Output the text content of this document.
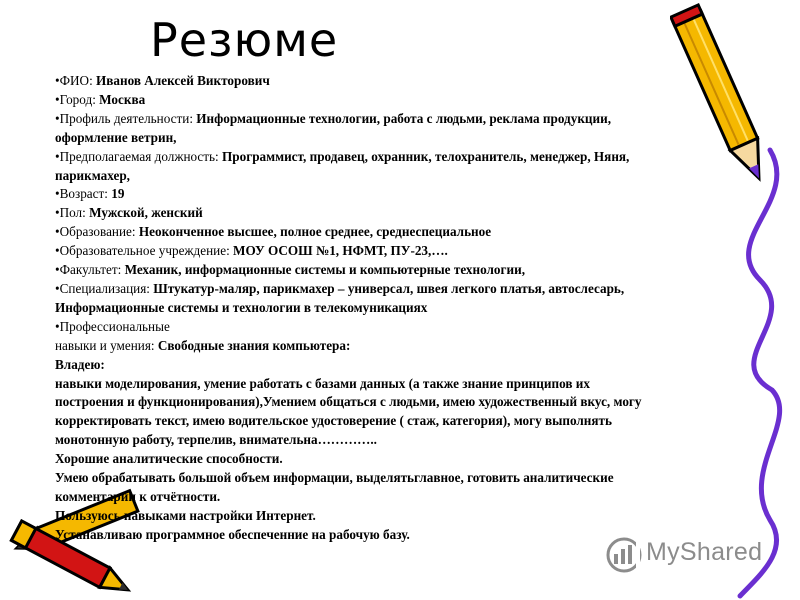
Резюме
•ФИО: Иванов Алексей Викторович
•Город: Москва
•Профиль деятельности: Информационные технологии, работа с людьми, реклама продукции,
оформление ветрин,
•Предполагаемая должность: Программист, продавец, охранник, телохранитель, менеджер, Няня,
парикмахер,
•Возраст: 19
•Пол: Мужской, женский
•Образование: Неоконченное высшее, полное среднее, среднеспециальное
•Образовательное учреждение: МОУ ОСОШ №1, НФМТ, ПУ-23,….
•Факультет: Механик, информационные системы и компьютерные технологии,
•Специализация: Штукатур-маляр, парикмахер – универсал, швея легкого платья, автослесарь,
Информационные системы и технологии в телекомуникациях
•Профессиональные
навыки и умения: Свободные знания компьютера:
Владею:
навыки моделирования, умение работать с базами данных (а также знание принципов их
построения и функционирования),Умением общаться с людьми, имею художественный вкус, могу
корректировать текст, имею водительское удостоверение ( стаж, категория), могу выполнять
монотонную работу, терпелив, внимательна…………..
Хорошие аналитические способности.
Умею обрабатывать большой объем информации, выделятьглавное, готовить аналитические
комментарии к отчётности.
Пользуюсь навыками настройки Интернет.
Устанавливаю программное обеспеченние на рабочую базу.
MyShared
